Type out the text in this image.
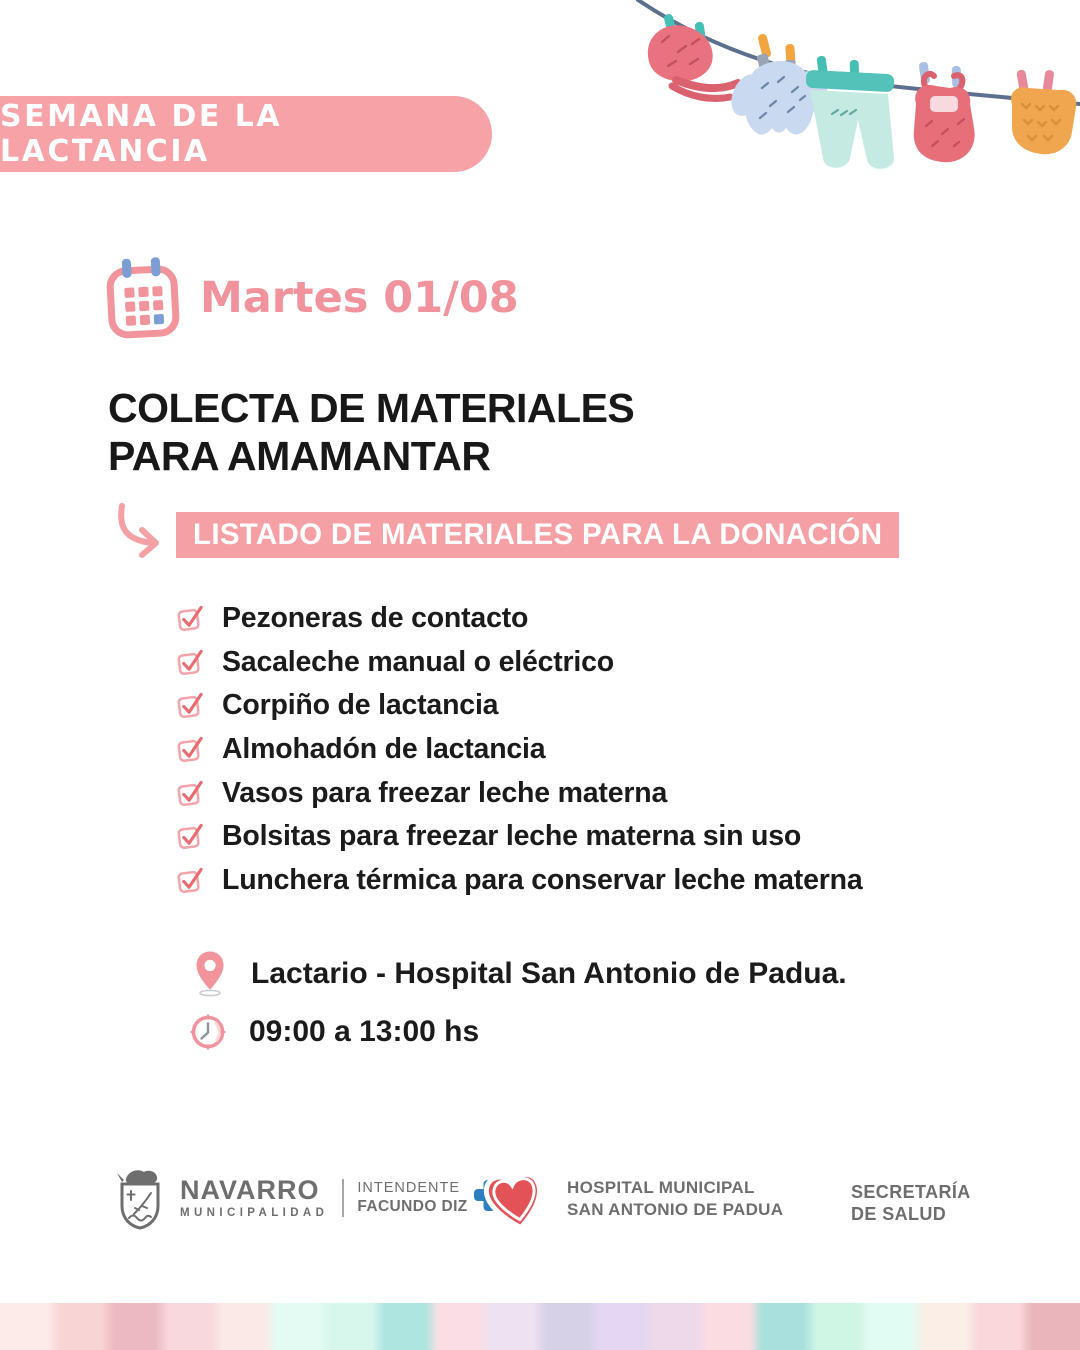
SEMANA DE LA LACTANCIA
Martes 01/08
COLECTA DE MATERIALES
PARA AMAMANTAR
LISTADO DE MATERIALES PARA LA DONACIÓN
Pezoneras de contacto
Sacaleche manual o eléctrico
Corpiño de lactancia
Almohadón de lactancia
Vasos para freezar leche materna
Bolsitas para freezar leche materna sin uso
Lunchera térmica para conservar leche materna
Lactario - Hospital San Antonio de Padua.
09:00 a 13:00 hs
NAVARRO
MUNICIPALIDAD
INTENDENTE
FACUNDO DIZ
HOSPITAL MUNICIPAL
SAN ANTONIO DE PADUA
SECRETARÍA
DE SALUD
